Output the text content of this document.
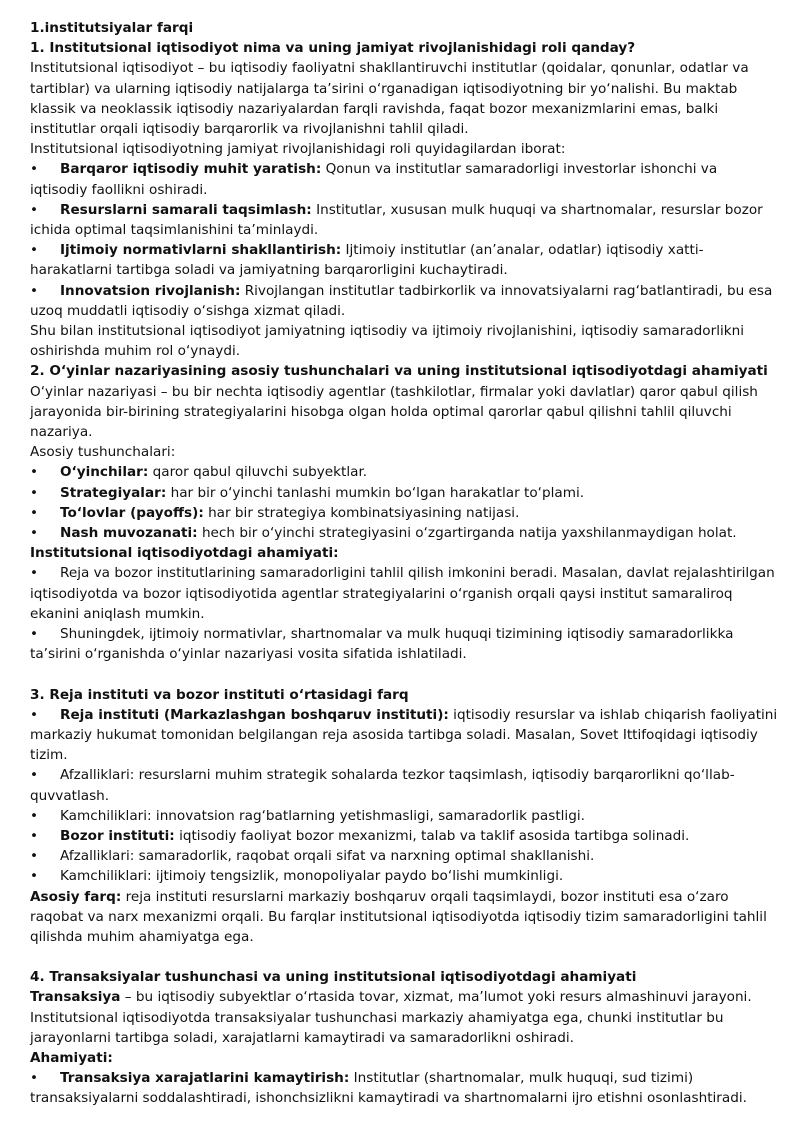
1.institutsiyalar farqi

1. Institutsional iqtisodiyot nima va uning jamiyat rivojlanishidagi roli qanday?

Institutsional iqtisodiyot – bu iqtisodiy faoliyatni shakllantiruvchi institutlar (qoidalar, qonunlar, odatlar va tartiblar) va ularning iqtisodiy natijalarga ta’sirini o‘rganadigan iqtisodiyotning bir yo‘nalishi. Bu maktab klassik va neoklassik iqtisodiy nazariyalardan farqli ravishda, faqat bozor mexanizmlarini emas, balki institutlar orqali iqtisodiy barqarorlik va rivojlanishni tahlil qiladi.

Institutsional iqtisodiyotning jamiyat rivojlanishidagi roli quyidagilardan iborat:

• Barqaror iqtisodiy muhit yaratish: Qonun va institutlar samaradorligi investorlar ishonchi va iqtisodiy faollikni oshiradi.

• Resurslarni samarali taqsimlash: Institutlar, xususan mulk huquqi va shartnomalar, resurslar bozor ichida optimal taqsimlanishini ta’minlaydi.

• Ijtimoiy normativlarni shakllantirish: Ijtimoiy institutlar (an’analar, odatlar) iqtisodiy xatti-harakatlarni tartibga soladi va jamiyatning barqarorligini kuchaytiradi.

• Innovatsion rivojlanish: Rivojlangan institutlar tadbirkorlik va innovatsiyalarni rag‘batlantiradi, bu esa uzoq muddatli iqtisodiy o‘sishga xizmat qiladi.

Shu bilan institutsional iqtisodiyot jamiyatning iqtisodiy va ijtimoiy rivojlanishini, iqtisodiy samaradorlikni oshirishda muhim rol o‘ynaydi.

2. O‘yinlar nazariyasining asosiy tushunchalari va uning institutsional iqtisodiyotdagi ahamiyati

O‘yinlar nazariyasi – bu bir nechta iqtisodiy agentlar (tashkilotlar, firmalar yoki davlatlar) qaror qabul qilish jarayonida bir-birining strategiyalarini hisobga olgan holda optimal qarorlar qabul qilishni tahlil qiluvchi nazariya.

Asosiy tushunchalari:

• O‘yinchilar: qaror qabul qiluvchi subyektlar.

• Strategiyalar: har bir o‘yinchi tanlashi mumkin bo‘lgan harakatlar to‘plami.

• To‘lovlar (payoffs): har bir strategiya kombinatsiyasining natijasi.

• Nash muvozanati: hech bir o‘yinchi strategiyasini o‘zgartirganda natija yaxshilanmaydigan holat.

Institutsional iqtisodiyotdagi ahamiyati:

• Reja va bozor institutlarining samaradorligini tahlil qilish imkonini beradi. Masalan, davlat rejalashtirilgan iqtisodiyotda va bozor iqtisodiyotida agentlar strategiyalarini o‘rganish orqali qaysi institut samaraliroq ekanini aniqlash mumkin.

• Shuningdek, ijtimoiy normativlar, shartnomalar va mulk huquqi tizimining iqtisodiy samaradorlikka ta’sirini o‘rganishda o‘yinlar nazariyasi vosita sifatida ishlatiladi.

3. Reja instituti va bozor instituti o‘rtasidagi farq

• Reja instituti (Markazlashgan boshqaruv instituti): iqtisodiy resurslar va ishlab chiqarish faoliyatini markaziy hukumat tomonidan belgilangan reja asosida tartibga soladi. Masalan, Sovet Ittifoqidagi iqtisodiy tizim.

• Afzalliklari: resurslarni muhim strategik sohalarda tezkor taqsimlash, iqtisodiy barqarorlikni qo‘llab-quvvatlash.

• Kamchiliklari: innovatsion rag‘batlarning yetishmasligi, samaradorlik pastligi.

• Bozor instituti: iqtisodiy faoliyat bozor mexanizmi, talab va taklif asosida tartibga solinadi.

• Afzalliklari: samaradorlik, raqobat orqali sifat va narxning optimal shakllanishi.

• Kamchiliklari: ijtimoiy tengsizlik, monopoliyalar paydo bo‘lishi mumkinligi.

Asosiy farq: reja instituti resurslarni markaziy boshqaruv orqali taqsimlaydi, bozor instituti esa o‘zaro raqobat va narx mexanizmi orqali. Bu farqlar institutsional iqtisodiyotda iqtisodiy tizim samaradorligini tahlil qilishda muhim ahamiyatga ega.

4. Transaksiyalar tushunchasi va uning institutsional iqtisodiyotdagi ahamiyati

Transaksiya – bu iqtisodiy subyektlar o‘rtasida tovar, xizmat, ma’lumot yoki resurs almashinuvi jarayoni. Institutsional iqtisodiyotda transaksiyalar tushunchasi markaziy ahamiyatga ega, chunki institutlar bu jarayonlarni tartibga soladi, xarajatlarni kamaytiradi va samaradorlikni oshiradi.

Ahamiyati:

• Transaksiya xarajatlarini kamaytirish: Institutlar (shartnomalar, mulk huquqi, sud tizimi) transaksiyalarni soddalashtiradi, ishonchsizlikni kamaytiradi va shartnomalarni ijro etishni osonlashtiradi.
